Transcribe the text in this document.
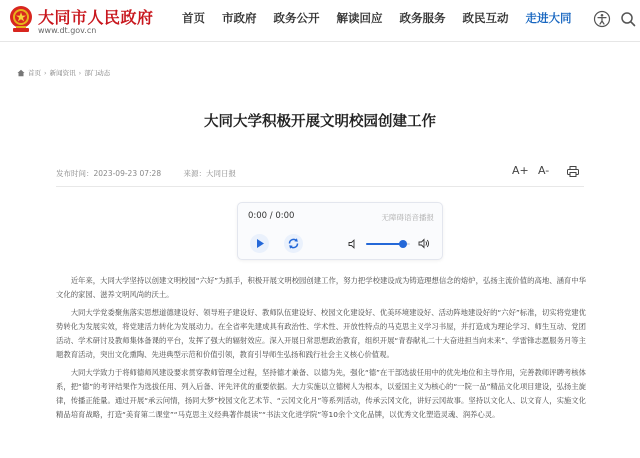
大同市人民政府
www.dt.gov.cn
首页 市政府 政务公开 解读回应 政务服务 政民互动 走进大同
首页 › 新闻资讯 › 部门动态
大同大学积极开展文明校园创建工作
发布时间：2023-09-23 07:28	来源：大同日报	A+ A-
0:00 / 0:00	无障碍语音播报

近年来，大同大学坚持以创建文明校园“六好”为抓手，积极开展文明校园创建工作，努力把学校建设成为铸造理想信念的熔炉，弘扬主流价值的高地、涵育中华文化的家园、滋养文明风尚的沃土。

大同大学党委聚焦落实思想道德建设好、领导班子建设好、教师队伍建设好、校园文化建设好、优美环境建设好、活动阵地建设好的“六好”标准，切实将党建优势转化为发展实效，将党建活力转化为发展动力。在全省率先建成具有政治性、学术性、开放性特点的马克思主义学习书屋，并打造成为理论学习、师生互动、党团活动、学术研讨及教师集体备课的平台，发挥了强大的辐射效应。深入开展日常思想政治教育，组织开展“青春献礼二十大奋进担当向未来”、学雷锋志愿服务月等主题教育活动，突出文化熏陶、先进典型示范和价值引领，教育引导师生弘扬和践行社会主义核心价值观。

大同大学致力于将师德师风建设要求贯穿教师管理全过程，坚持德才兼备、以德为先，强化“德”在干部选拔任用中的优先地位和主导作用，完善教师评聘考核体系，把“德”的考评结果作为选拔任用、列入后备、评先评优的重要依据。大力实施以立德树人为根本，以爱国主义为核心的“一院一品”精品文化项目建设，弘扬主旋律，传播正能量。通过开展“承云问情，扬同大梦”校园文化艺术节、“云冈文化月”等系列活动，传承云冈文化，讲好云冈故事。坚持以文化人、以文育人，实施文化精品培育战略，打造“美育第二课堂”“马克思主义经典著作晨读”“书法文化进学院”等10余个文化品牌，以优秀文化塑造灵魂、润养心灵。
